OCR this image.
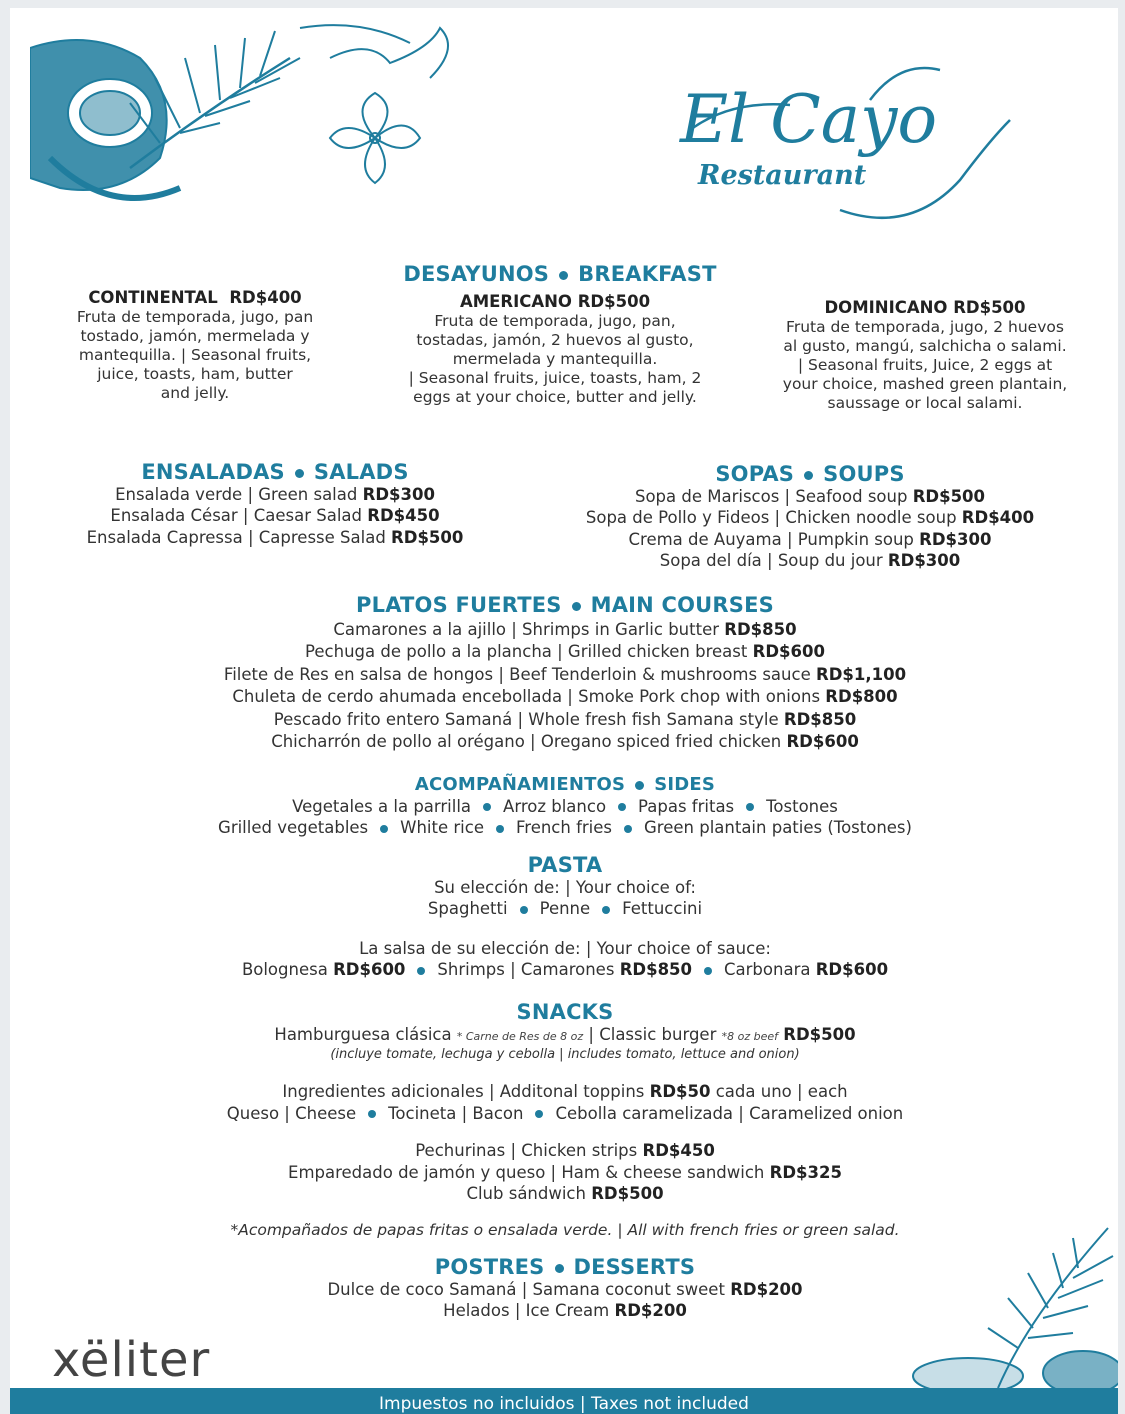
El Cayo
Restaurant
DESAYUNOS BREAKFAST
CONTINENTAL RD$400
Fruta de temporada, jugo, pan
tostado, jamón, mermelada y
mantequilla. | Seasonal fruits,
juice, toasts, ham, butter
and jelly.
AMERICANO RD$500
Fruta de temporada, jugo, pan,
tostadas, jamón, 2 huevos al gusto,
mermelada y mantequilla.
| Seasonal fruits, juice, toasts, ham, 2
eggs at your choice, butter and jelly.
DOMINICANO RD$500
Fruta de temporada, jugo, 2 huevos
al gusto, mangú, salchicha o salami.
| Seasonal fruits, Juice, 2 eggs at
your choice, mashed green plantain,
saussage or local salami.
ENSALADAS SALADS
Ensalada verde | Green salad RD$300
Ensalada César | Caesar Salad RD$450
Ensalada Capressa | Capresse Salad RD$500
SOPAS SOUPS
Sopa de Mariscos | Seafood soup RD$500
Sopa de Pollo y Fideos | Chicken noodle soup RD$400
Crema de Auyama | Pumpkin soup RD$300
Sopa del día | Soup du jour RD$300
PLATOS FUERTES MAIN COURSES
Camarones a la ajillo | Shrimps in Garlic butter RD$850
Pechuga de pollo a la plancha | Grilled chicken breast RD$600
Filete de Res en salsa de hongos | Beef Tenderloin & mushrooms sauce RD$1,100
Chuleta de cerdo ahumada encebollada | Smoke Pork chop with onions RD$800
Pescado frito entero Samaná | Whole fresh fish Samana style RD$850
Chicharrón de pollo al orégano | Oregano spiced fried chicken RD$600
ACOMPAÑAMIENTOS SIDES
Vegetales a la parrilla Arroz blanco Papas fritas Tostones
Grilled vegetables White rice French fries Green plantain paties (Tostones)
PASTA
Su elección de: | Your choice of:
Spaghetti Penne Fettuccini
La salsa de su elección de: | Your choice of sauce:
Bolognesa RD$600 Shrimps | Camarones RD$850 Carbonara RD$600
SNACKS
Hamburguesa clásica * Carne de Res de 8 oz | Classic burger *8 oz beef RD$500
(incluye tomate, lechuga y cebolla | includes tomato, lettuce and onion)
Ingredientes adicionales | Additonal toppins RD$50 cada uno | each
Queso | Cheese Tocineta | Bacon Cebolla caramelizada | Caramelized onion
Pechurinas | Chicken strips RD$450
Emparedado de jamón y queso | Ham & cheese sandwich RD$325
Club sándwich RD$500
*Acompañados de papas fritas o ensalada verde. | All with french fries or green salad.
POSTRES DESSERTS
Dulce de coco Samaná | Samana coconut sweet RD$200
Helados | Ice Cream RD$200
xëliter
Impuestos no incluidos | Taxes not included
